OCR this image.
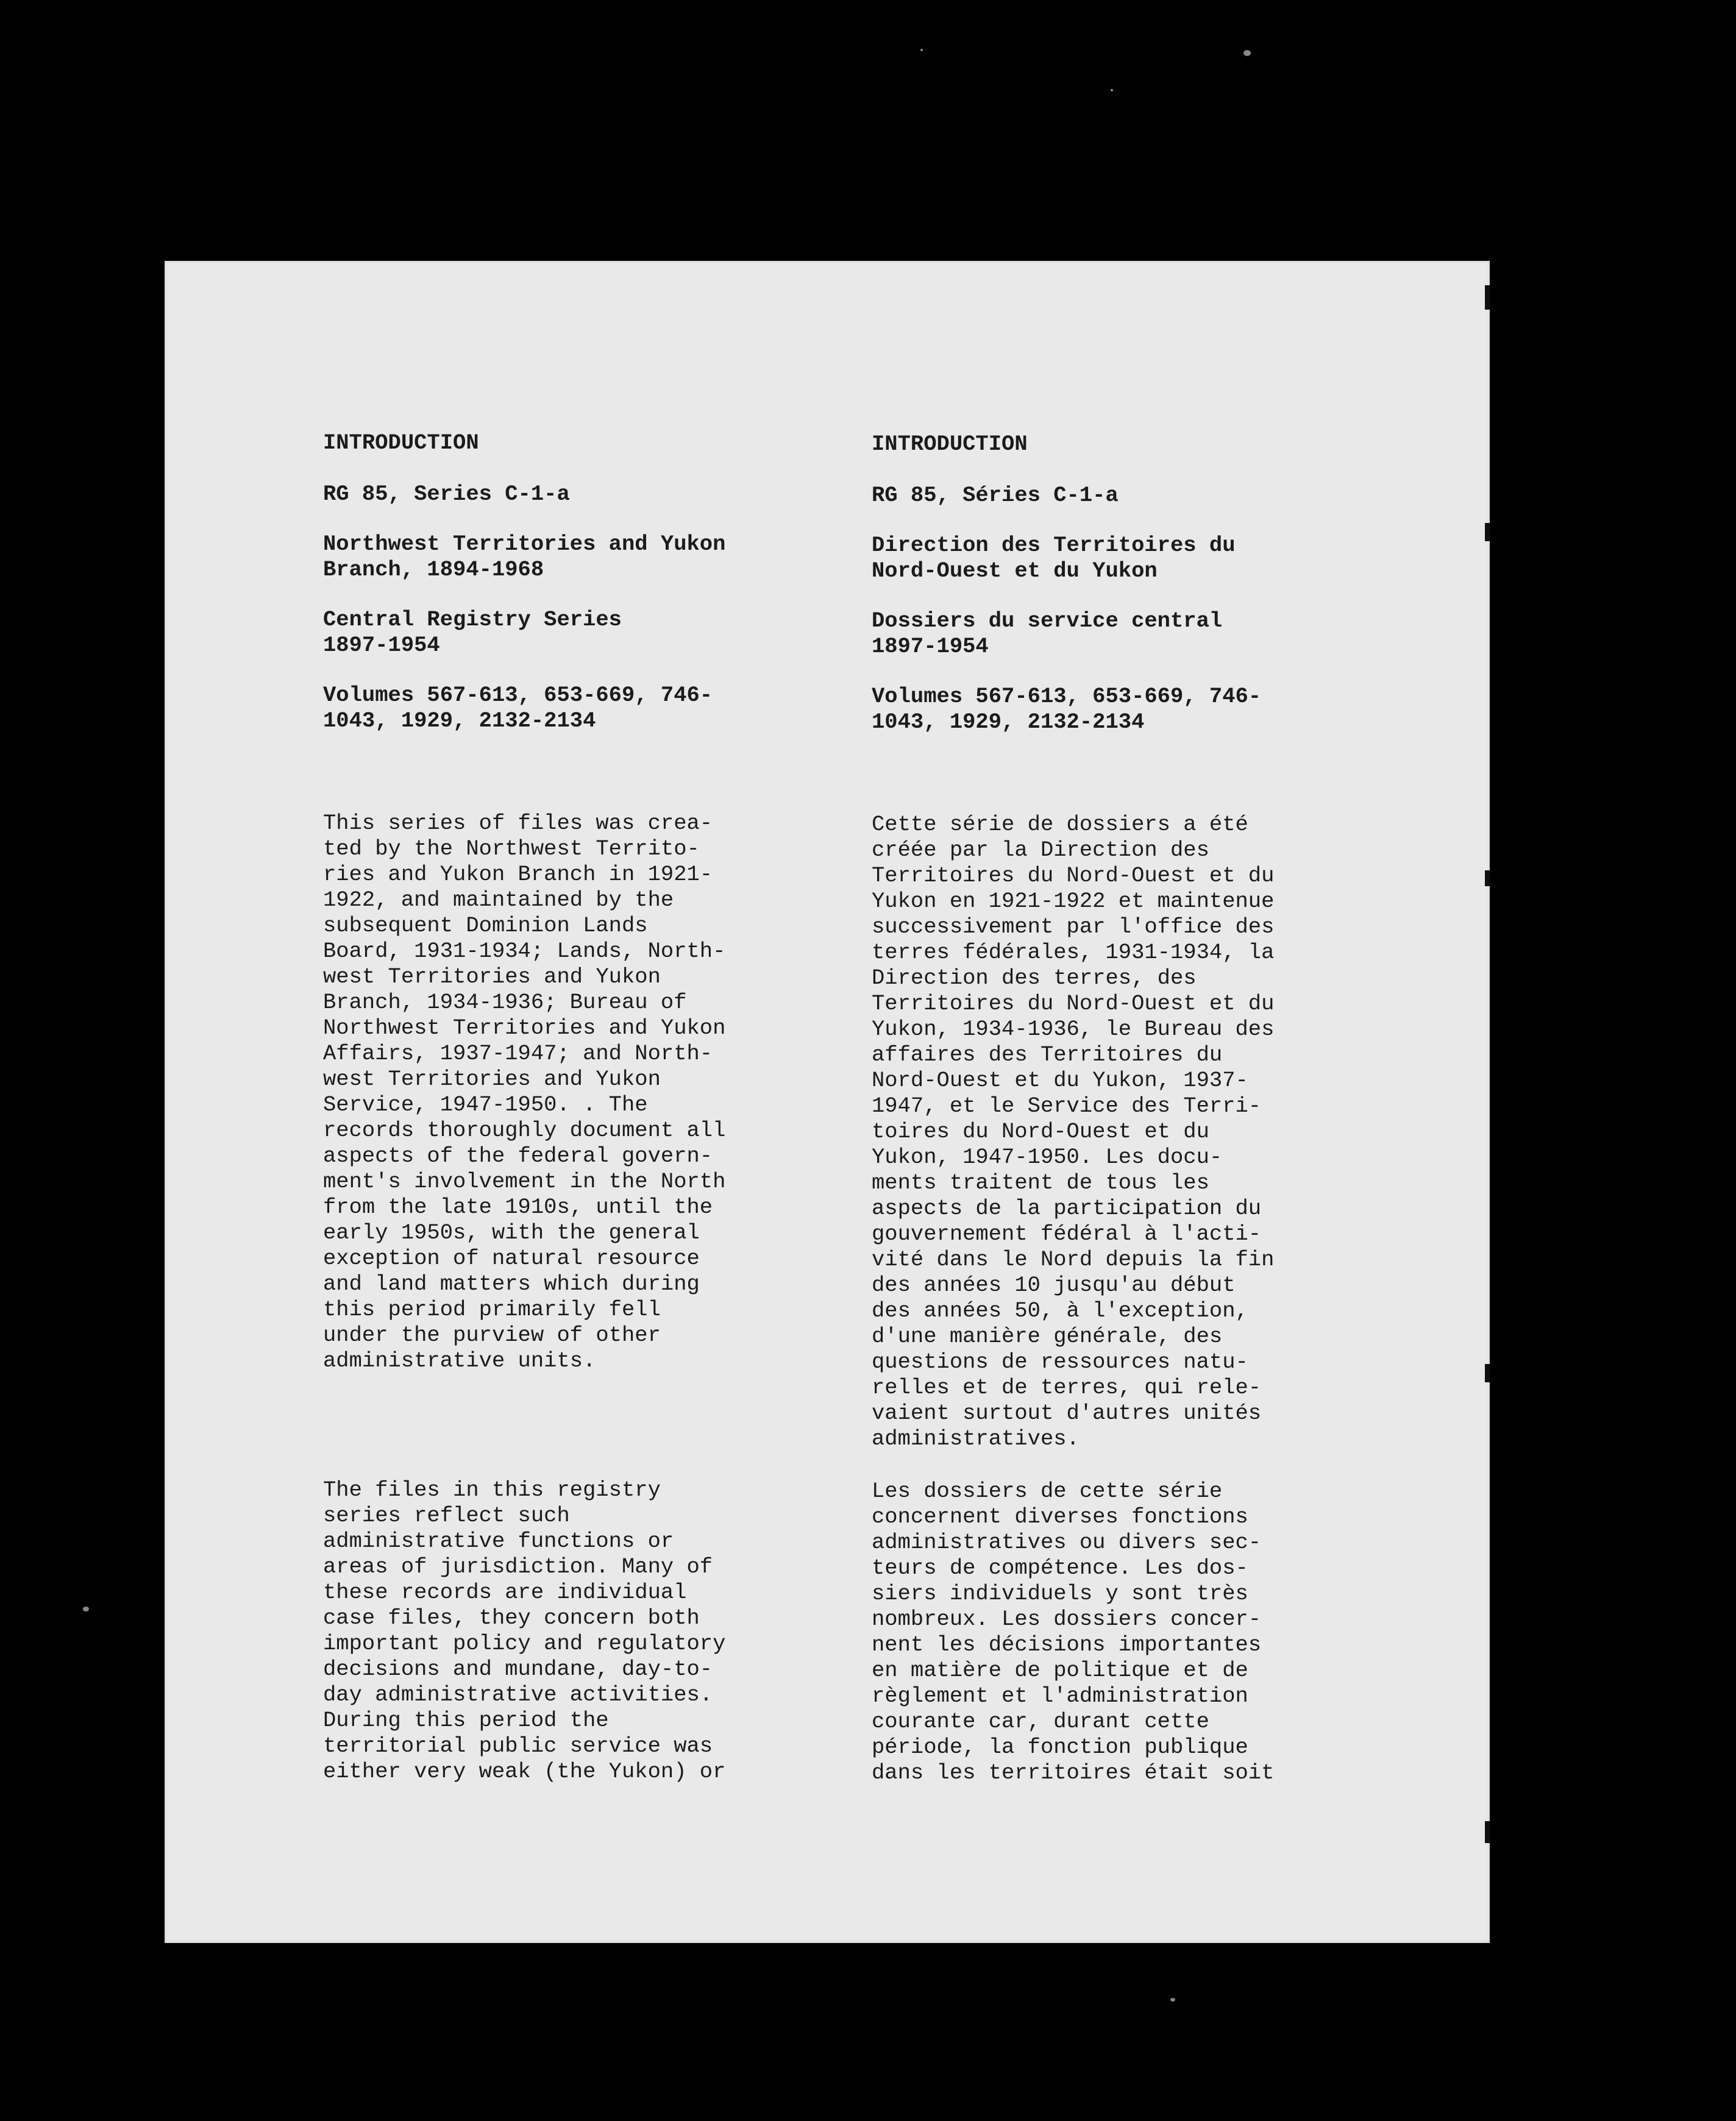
INTRODUCTION
RG 85, Series C-1-a
Northwest Territories and Yukon
Branch, 1894-1968
Central Registry Series
1897-1954
Volumes 567-613, 653-669, 746-
1043, 1929, 2132-2134
This series of files was crea-
ted by the Northwest Territo-
ries and Yukon Branch in 1921-
1922, and maintained by the
subsequent Dominion Lands
Board, 1931-1934; Lands, North-
west Territories and Yukon
Branch, 1934-1936; Bureau of
Northwest Territories and Yukon
Affairs, 1937-1947; and North-
west Territories and Yukon
Service, 1947-1950. . The
records thoroughly document all
aspects of the federal govern-
ment's involvement in the North
from the late 1910s, until the
early 1950s, with the general
exception of natural resource
and land matters which during
this period primarily fell
under the purview of other
administrative units.
The files in this registry
series reflect such
administrative functions or
areas of jurisdiction. Many of
these records are individual
case files, they concern both
important policy and regulatory
decisions and mundane, day-to-
day administrative activities.
During this period the
territorial public service was
either very weak (the Yukon) or
INTRODUCTION
RG 85, Séries C-1-a
Direction des Territoires du
Nord-Ouest et du Yukon
Dossiers du service central
1897-1954
Volumes 567-613, 653-669, 746-
1043, 1929, 2132-2134
Cette série de dossiers a été
créée par la Direction des
Territoires du Nord-Ouest et du
Yukon en 1921-1922 et maintenue
successivement par l'office des
terres fédérales, 1931-1934, la
Direction des terres, des
Territoires du Nord-Ouest et du
Yukon, 1934-1936, le Bureau des
affaires des Territoires du
Nord-Ouest et du Yukon, 1937-
1947, et le Service des Terri-
toires du Nord-Ouest et du
Yukon, 1947-1950. Les docu-
ments traitent de tous les
aspects de la participation du
gouvernement fédéral à l'acti-
vité dans le Nord depuis la fin
des années 10 jusqu'au début
des années 50, à l'exception,
d'une manière générale, des
questions de ressources natu-
relles et de terres, qui rele-
vaient surtout d'autres unités
administratives.
Les dossiers de cette série
concernent diverses fonctions
administratives ou divers sec-
teurs de compétence. Les dos-
siers individuels y sont très
nombreux. Les dossiers concer-
nent les décisions importantes
en matière de politique et de
règlement et l'administration
courante car, durant cette
période, la fonction publique
dans les territoires était soit
